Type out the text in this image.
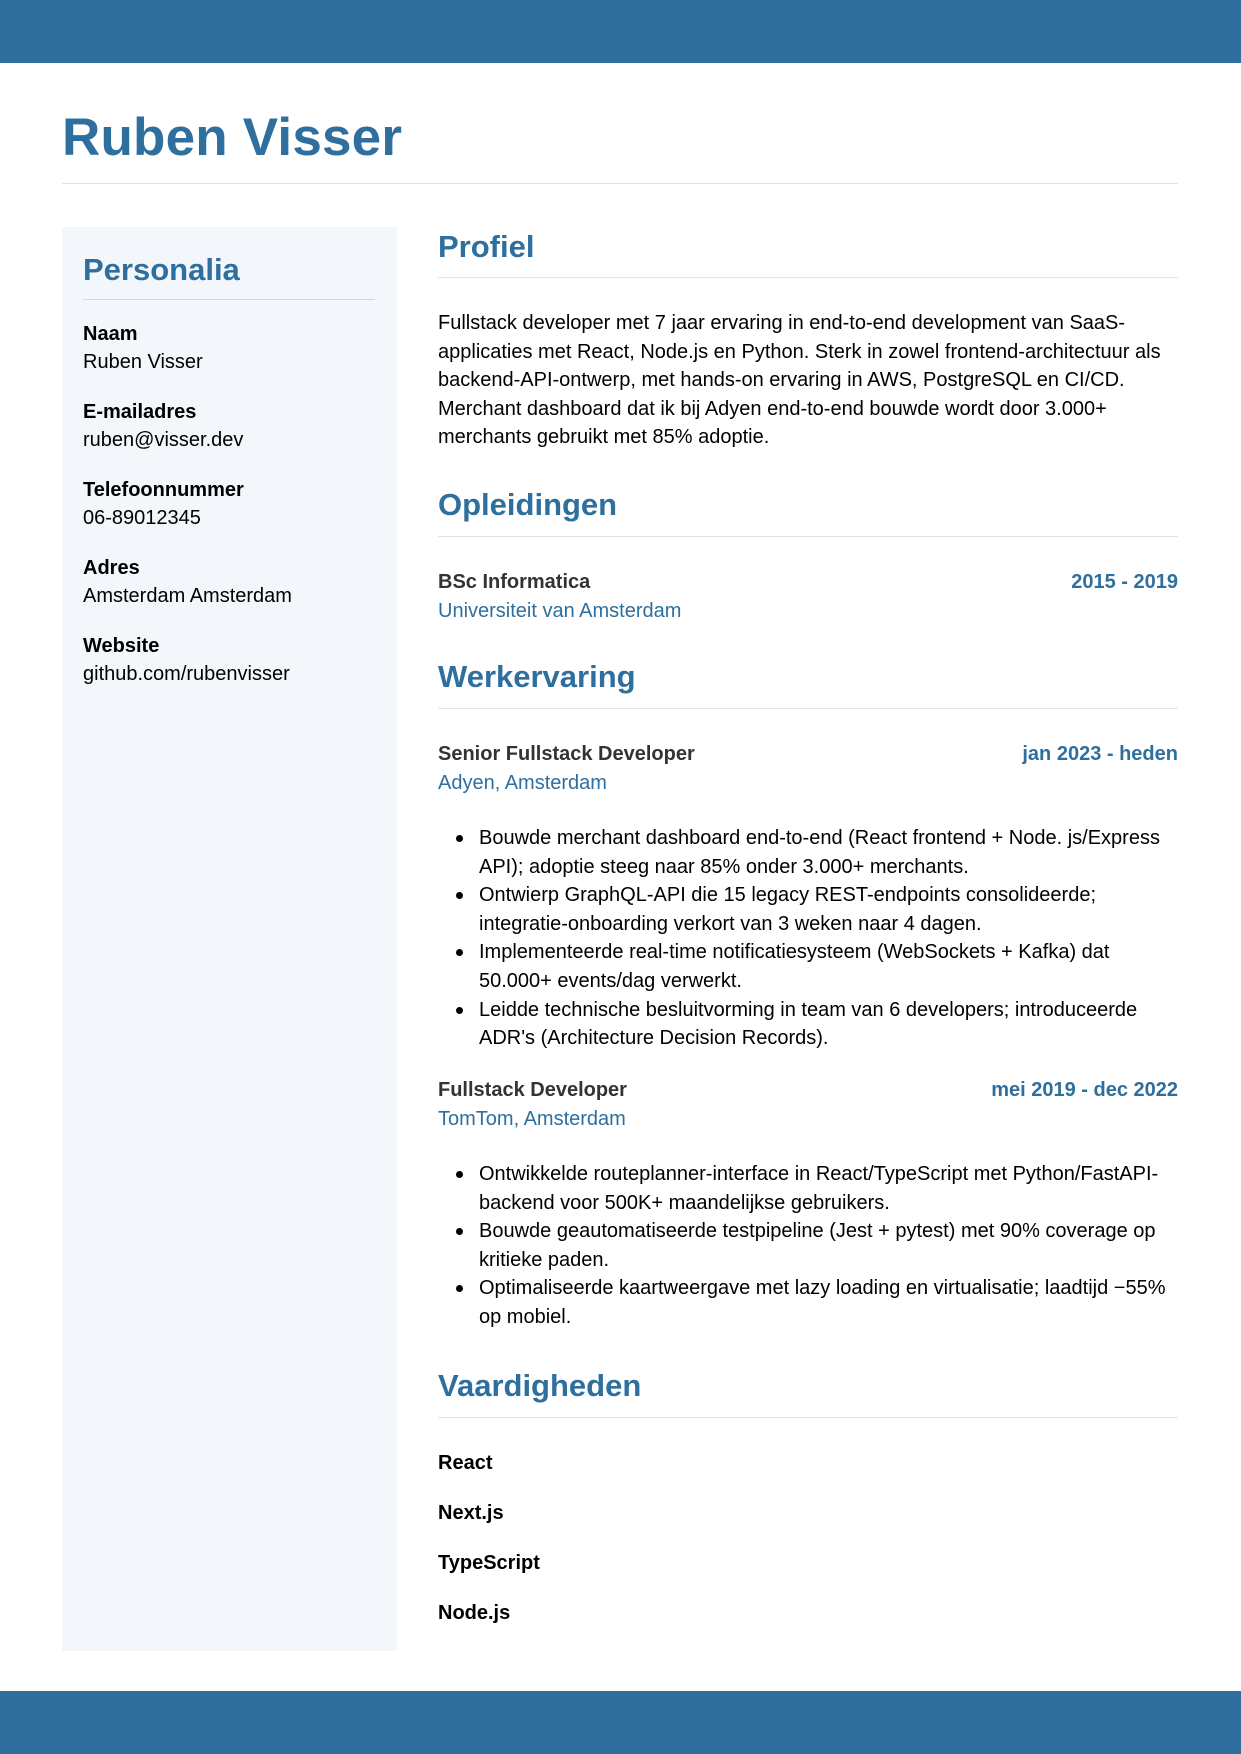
Ruben Visser
Personalia
Naam
Ruben Visser
E-mailadres
ruben@visser.dev
Telefoonnummer
06-89012345
Adres
Amsterdam Amsterdam
Website
github.com/rubenvisser
Profiel

Fullstack developer met 7 jaar ervaring in end-to-end development van SaaS-applicaties met React, Node.js en Python. Sterk in zowel frontend-architectuur als backend-API-ontwerp, met hands-on ervaring in AWS, PostgreSQL en CI/CD. Merchant dashboard dat ik bij Adyen end-to-end bouwde wordt door 3.000+ merchants gebruikt met 85% adoptie.

Opleidingen
BSc Informatica	2015 - 2019
Universiteit van Amsterdam
Werkervaring
Senior Fullstack Developer	jan 2023 - heden
Adyen, Amsterdam
Bouwde merchant dashboard end-to-end (React frontend + Node. js/Express API); adoptie steeg naar 85% onder 3.000+ merchants.
Ontwierp GraphQL-API die 15 legacy REST-endpoints consolideerde; integratie-onboarding verkort van 3 weken naar 4 dagen.
Implementeerde real-time notificatiesysteem (WebSockets + Kafka) dat 50.000+ events/dag verwerkt.
Leidde technische besluitvorming in team van 6 developers; introduceerde ADR's (Architecture Decision Records).
Fullstack Developer	mei 2019 - dec 2022
TomTom, Amsterdam
Ontwikkelde routeplanner-interface in React/TypeScript met Python/FastAPI-backend voor 500K+ maandelijkse gebruikers.
Bouwde geautomatiseerde testpipeline (Jest + pytest) met 90% coverage op kritieke paden.
Optimaliseerde kaartweergave met lazy loading en virtualisatie; laadtijd −55% op mobiel.
Vaardigheden
React
Next.js
TypeScript
Node.js
